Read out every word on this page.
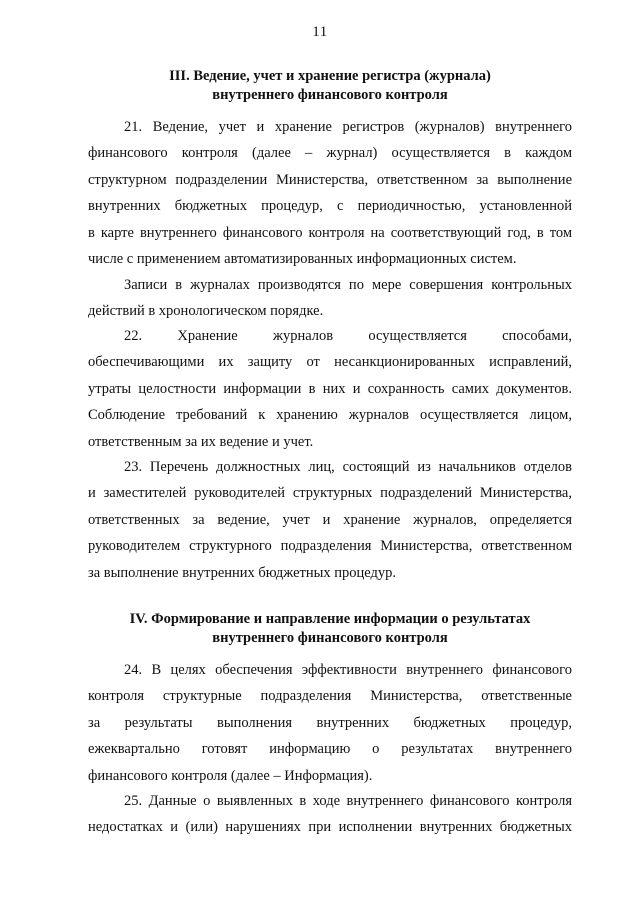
11
III. Ведение, учет и хранение регистра (журнала)
внутреннего финансового контроля
21. Ведение, учет и хранение регистров (журналов) внутреннего
финансового контроля (далее – журнал) осуществляется в каждом
структурном подразделении Министерства, ответственном за выполнение
внутренних бюджетных процедур, с периодичностью, установленной
в карте внутреннего финансового контроля на соответствующий год, в том
числе с применением автоматизированных информационных систем.
Записи в журналах производятся по мере совершения контрольных
действий в хронологическом порядке.
22. Хранение журналов осуществляется способами,
обеспечивающими их защиту от несанкционированных исправлений,
утраты целостности информации в них и сохранность самих документов.
Соблюдение требований к хранению журналов осуществляется лицом,
ответственным за их ведение и учет.
23. Перечень должностных лиц, состоящий из начальников отделов
и заместителей руководителей структурных подразделений Министерства,
ответственных за ведение, учет и хранение журналов, определяется
руководителем структурного подразделения Министерства, ответственном
за выполнение внутренних бюджетных процедур.
IV. Формирование и направление информации о результатах
внутреннего финансового контроля
24. В целях обеспечения эффективности внутреннего финансового
контроля структурные подразделения Министерства, ответственные
за результаты выполнения внутренних бюджетных процедур,
ежеквартально готовят информацию о результатах внутреннего
финансового контроля (далее – Информация).
25. Данные о выявленных в ходе внутреннего финансового контроля
недостатках и (или) нарушениях при исполнении внутренних бюджетных
